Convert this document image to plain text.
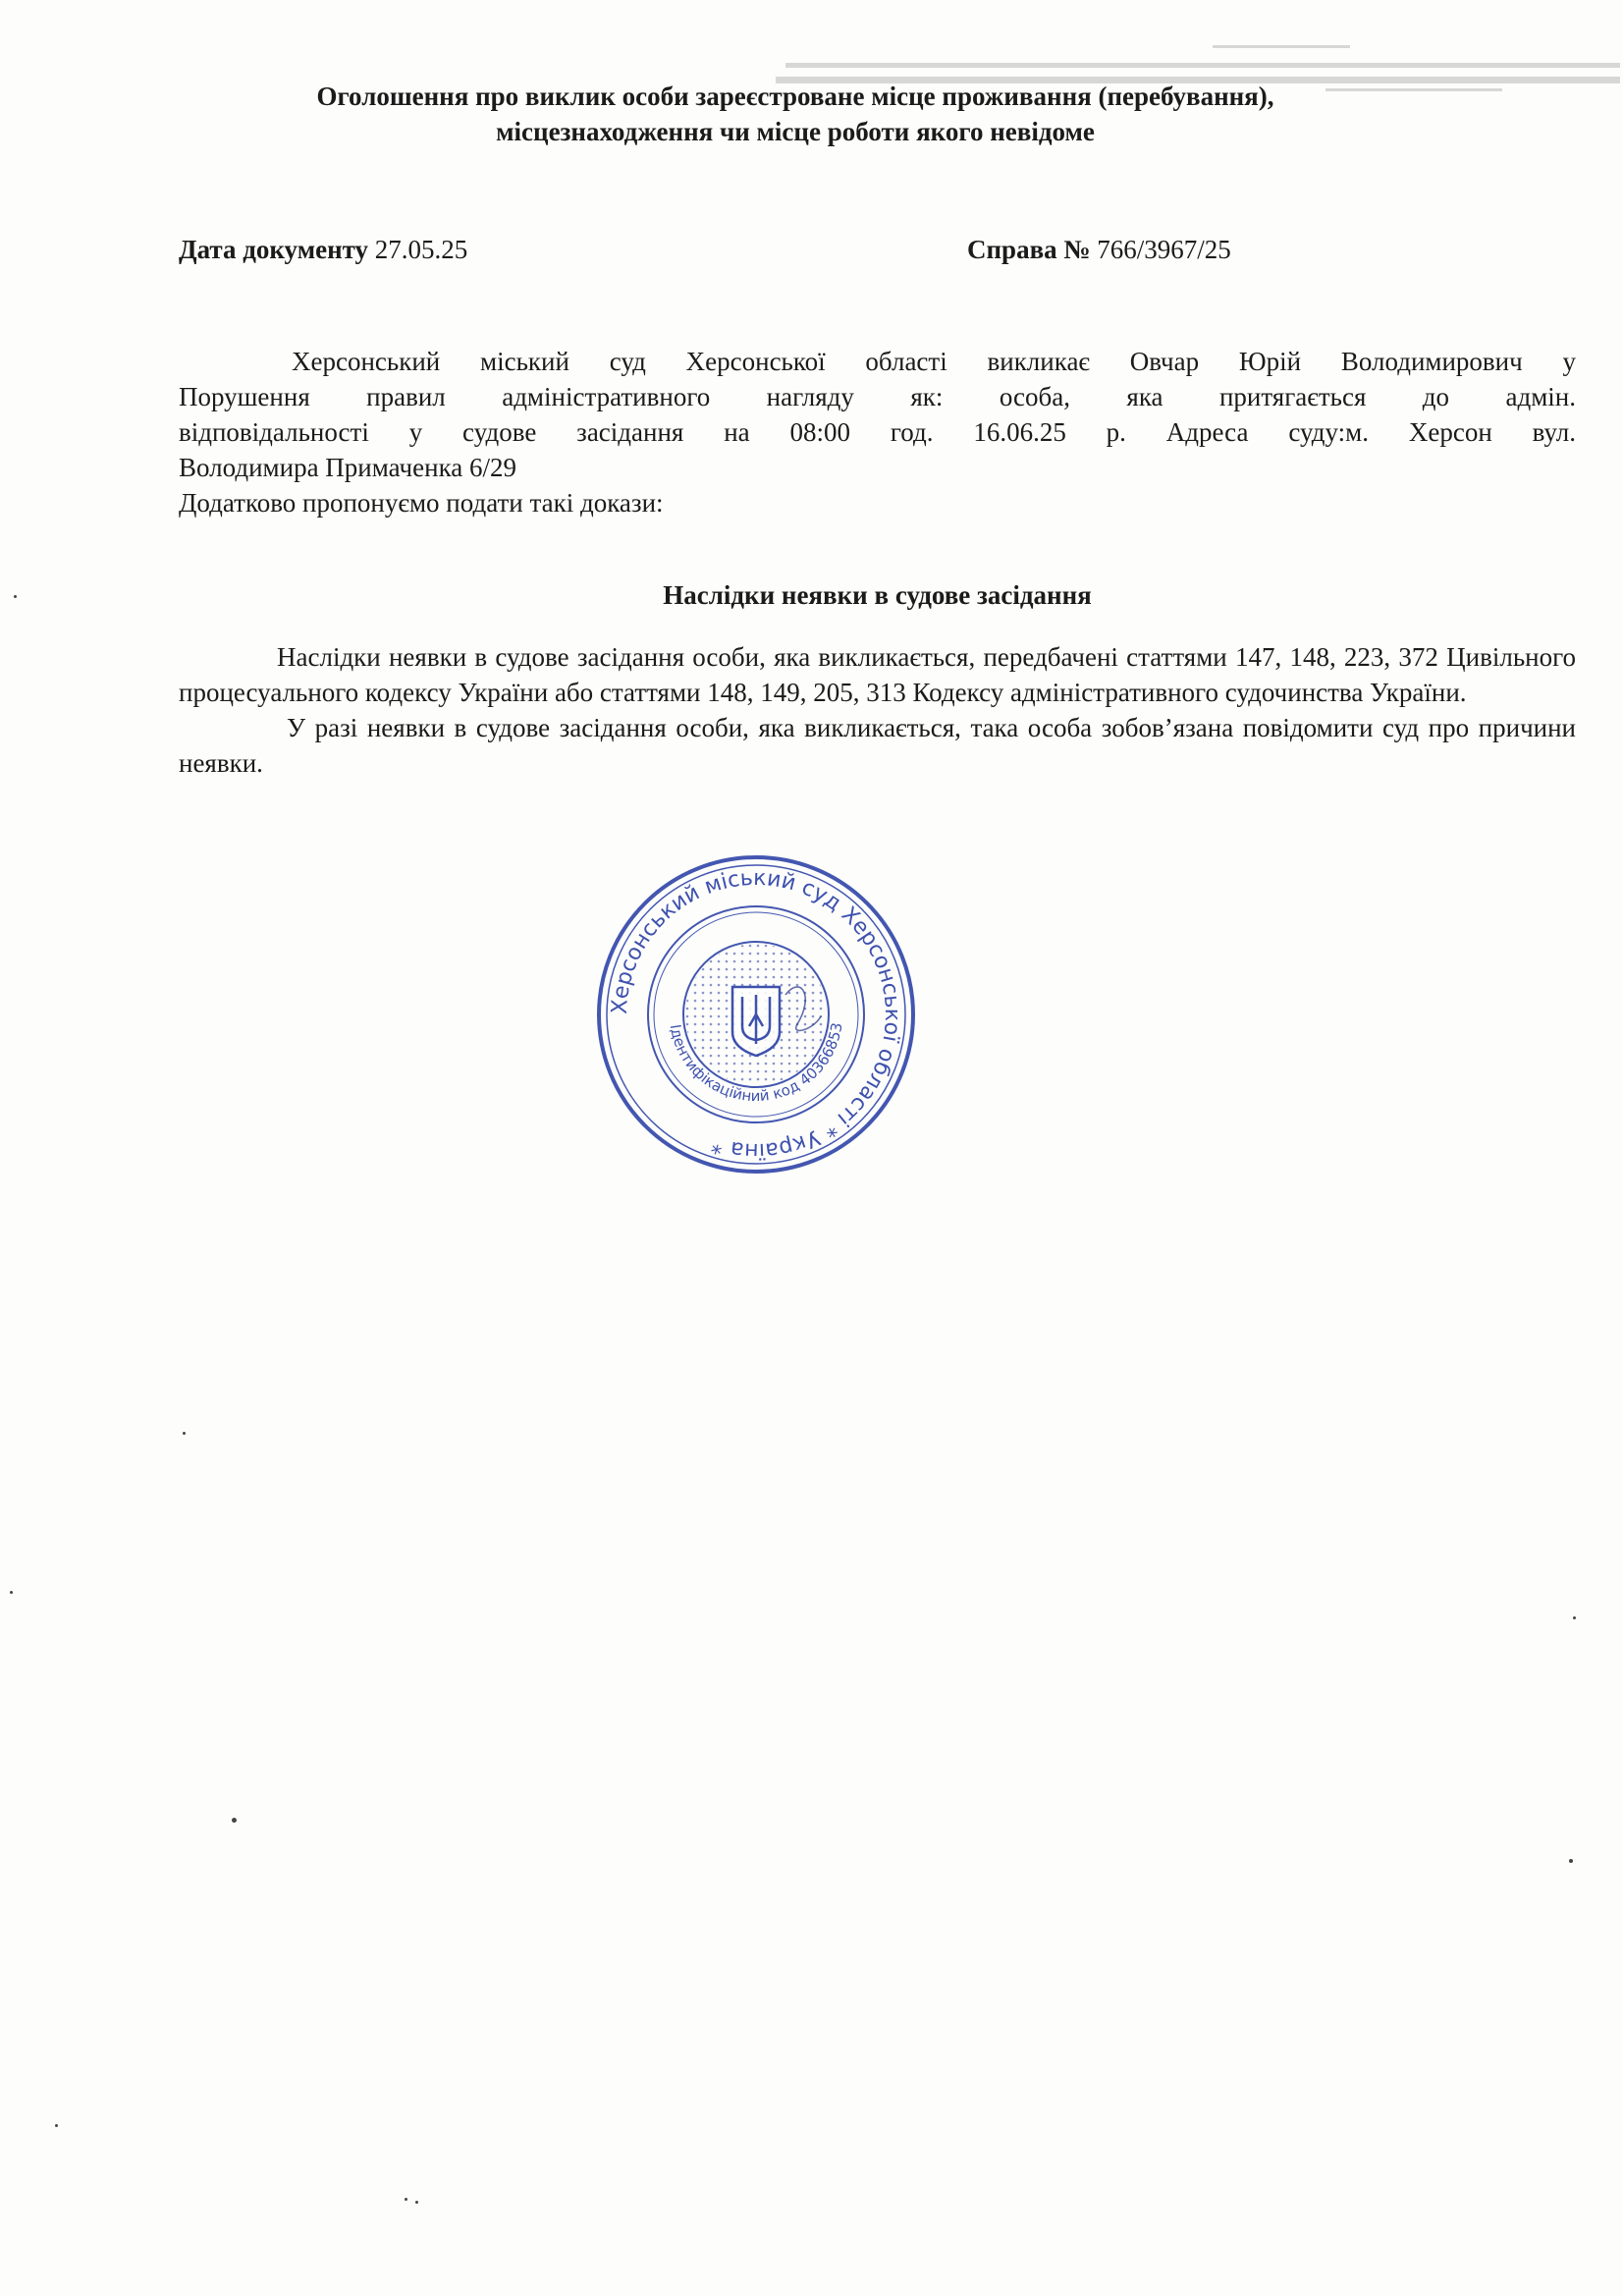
Оголошення про виклик особи зареєстроване місце проживання (перебування),
місцезнаходження чи місце роботи якого невідоме
Дата документу 27.05.25	Справа № 766/3967/25
Херсонський міський суд Херсонської області викликає Овчар Юрій Володимирович у
Порушення правил адміністративного нагляду як: особа, яка притягається до адмін.
відповідальності у судове засідання на 08:00 год. 16.06.25 р. Адреса суду:м. Херсон вул.
Володимира Примаченка 6/29
Додатково пропонуємо подати такі докази:
Наслідки неявки в судове засідання
Наслідки неявки в судове засідання особи, яка викликається, передбачені статтями 147, 148, 223, 372 Цивільного процесуального кодексу України або статтями 148, 149, 205, 313 Кодексу адміністративного судочинства України.
У разі неявки в судове засідання особи, яка викликається, така особа зобов’язана повідомити суд про причини неявки.
Херсонський міський суд Херсонської області * Україна *
Ідентифікаційний код 40366853
